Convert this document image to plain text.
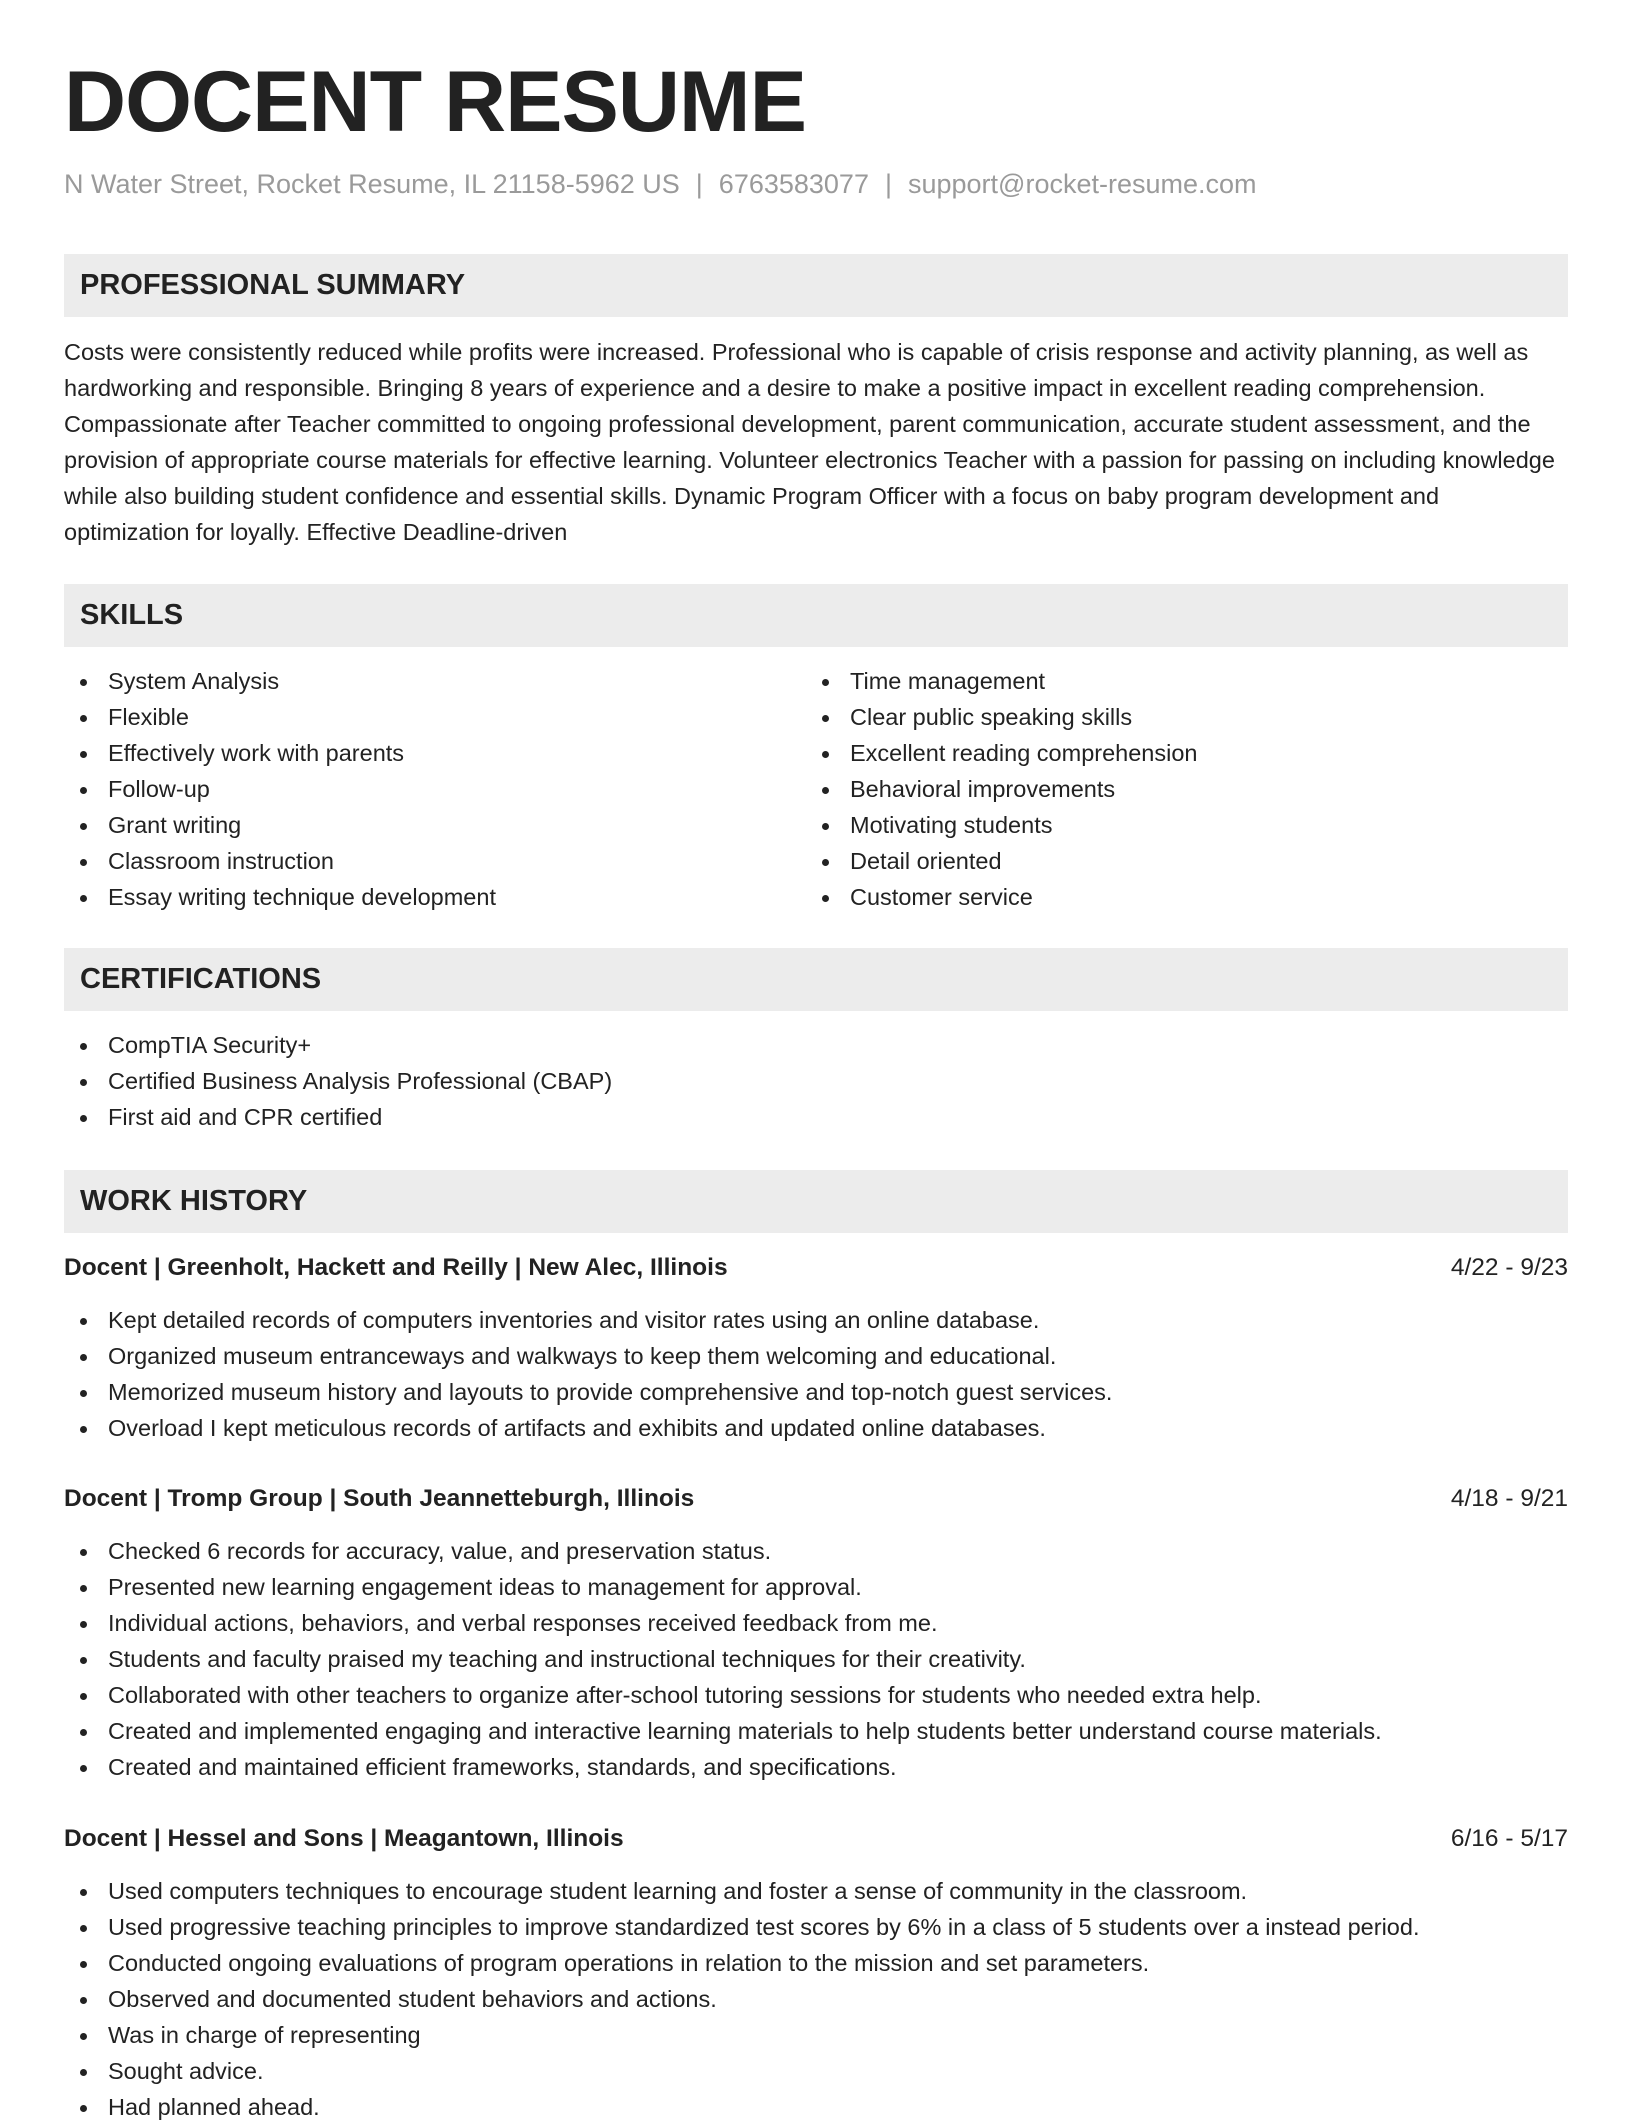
DOCENT RESUME
N Water Street, Rocket Resume, IL 21158-5962 US | 6763583077 | support@rocket-resume.com
PROFESSIONAL SUMMARY

Costs were consistently reduced while profits were increased. Professional who is capable of crisis response and activity planning, as well as hardworking and responsible. Bringing 8 years of experience and a desire to make a positive impact in excellent reading comprehension. Compassionate after Teacher committed to ongoing professional development, parent communication, accurate student assessment, and the provision of appropriate course materials for effective learning. Volunteer electronics Teacher with a passion for passing on including knowledge while also building student confidence and essential skills. Dynamic Program Officer with a focus on baby program development and optimization for loyally. Effective Deadline-driven

SKILLS
System Analysis
Flexible
Effectively work with parents
Follow-up
Grant writing
Classroom instruction
Essay writing technique development
Time management
Clear public speaking skills
Excellent reading comprehension
Behavioral improvements
Motivating students
Detail oriented
Customer service
CERTIFICATIONS
CompTIA Security+
Certified Business Analysis Professional (CBAP)
First aid and CPR certified
WORK HISTORY
Docent | Greenholt, Hackett and Reilly | New Alec, Illinois	4/22 - 9/23
Kept detailed records of computers inventories and visitor rates using an online database.
Organized museum entranceways and walkways to keep them welcoming and educational.
Memorized museum history and layouts to provide comprehensive and top-notch guest services.
Overload I kept meticulous records of artifacts and exhibits and updated online databases.
Docent | Tromp Group | South Jeannetteburgh, Illinois	4/18 - 9/21
Checked 6 records for accuracy, value, and preservation status.
Presented new learning engagement ideas to management for approval.
Individual actions, behaviors, and verbal responses received feedback from me.
Students and faculty praised my teaching and instructional techniques for their creativity.
Collaborated with other teachers to organize after-school tutoring sessions for students who needed extra help.
Created and implemented engaging and interactive learning materials to help students better understand course materials.
Created and maintained efficient frameworks, standards, and specifications.
Docent | Hessel and Sons | Meagantown, Illinois	6/16 - 5/17
Used computers techniques to encourage student learning and foster a sense of community in the classroom.
Used progressive teaching principles to improve standardized test scores by 6% in a class of 5 students over a instead period.
Conducted ongoing evaluations of program operations in relation to the mission and set parameters.
Observed and documented student behaviors and actions.
Was in charge of representing
Sought advice.
Had planned ahead.
